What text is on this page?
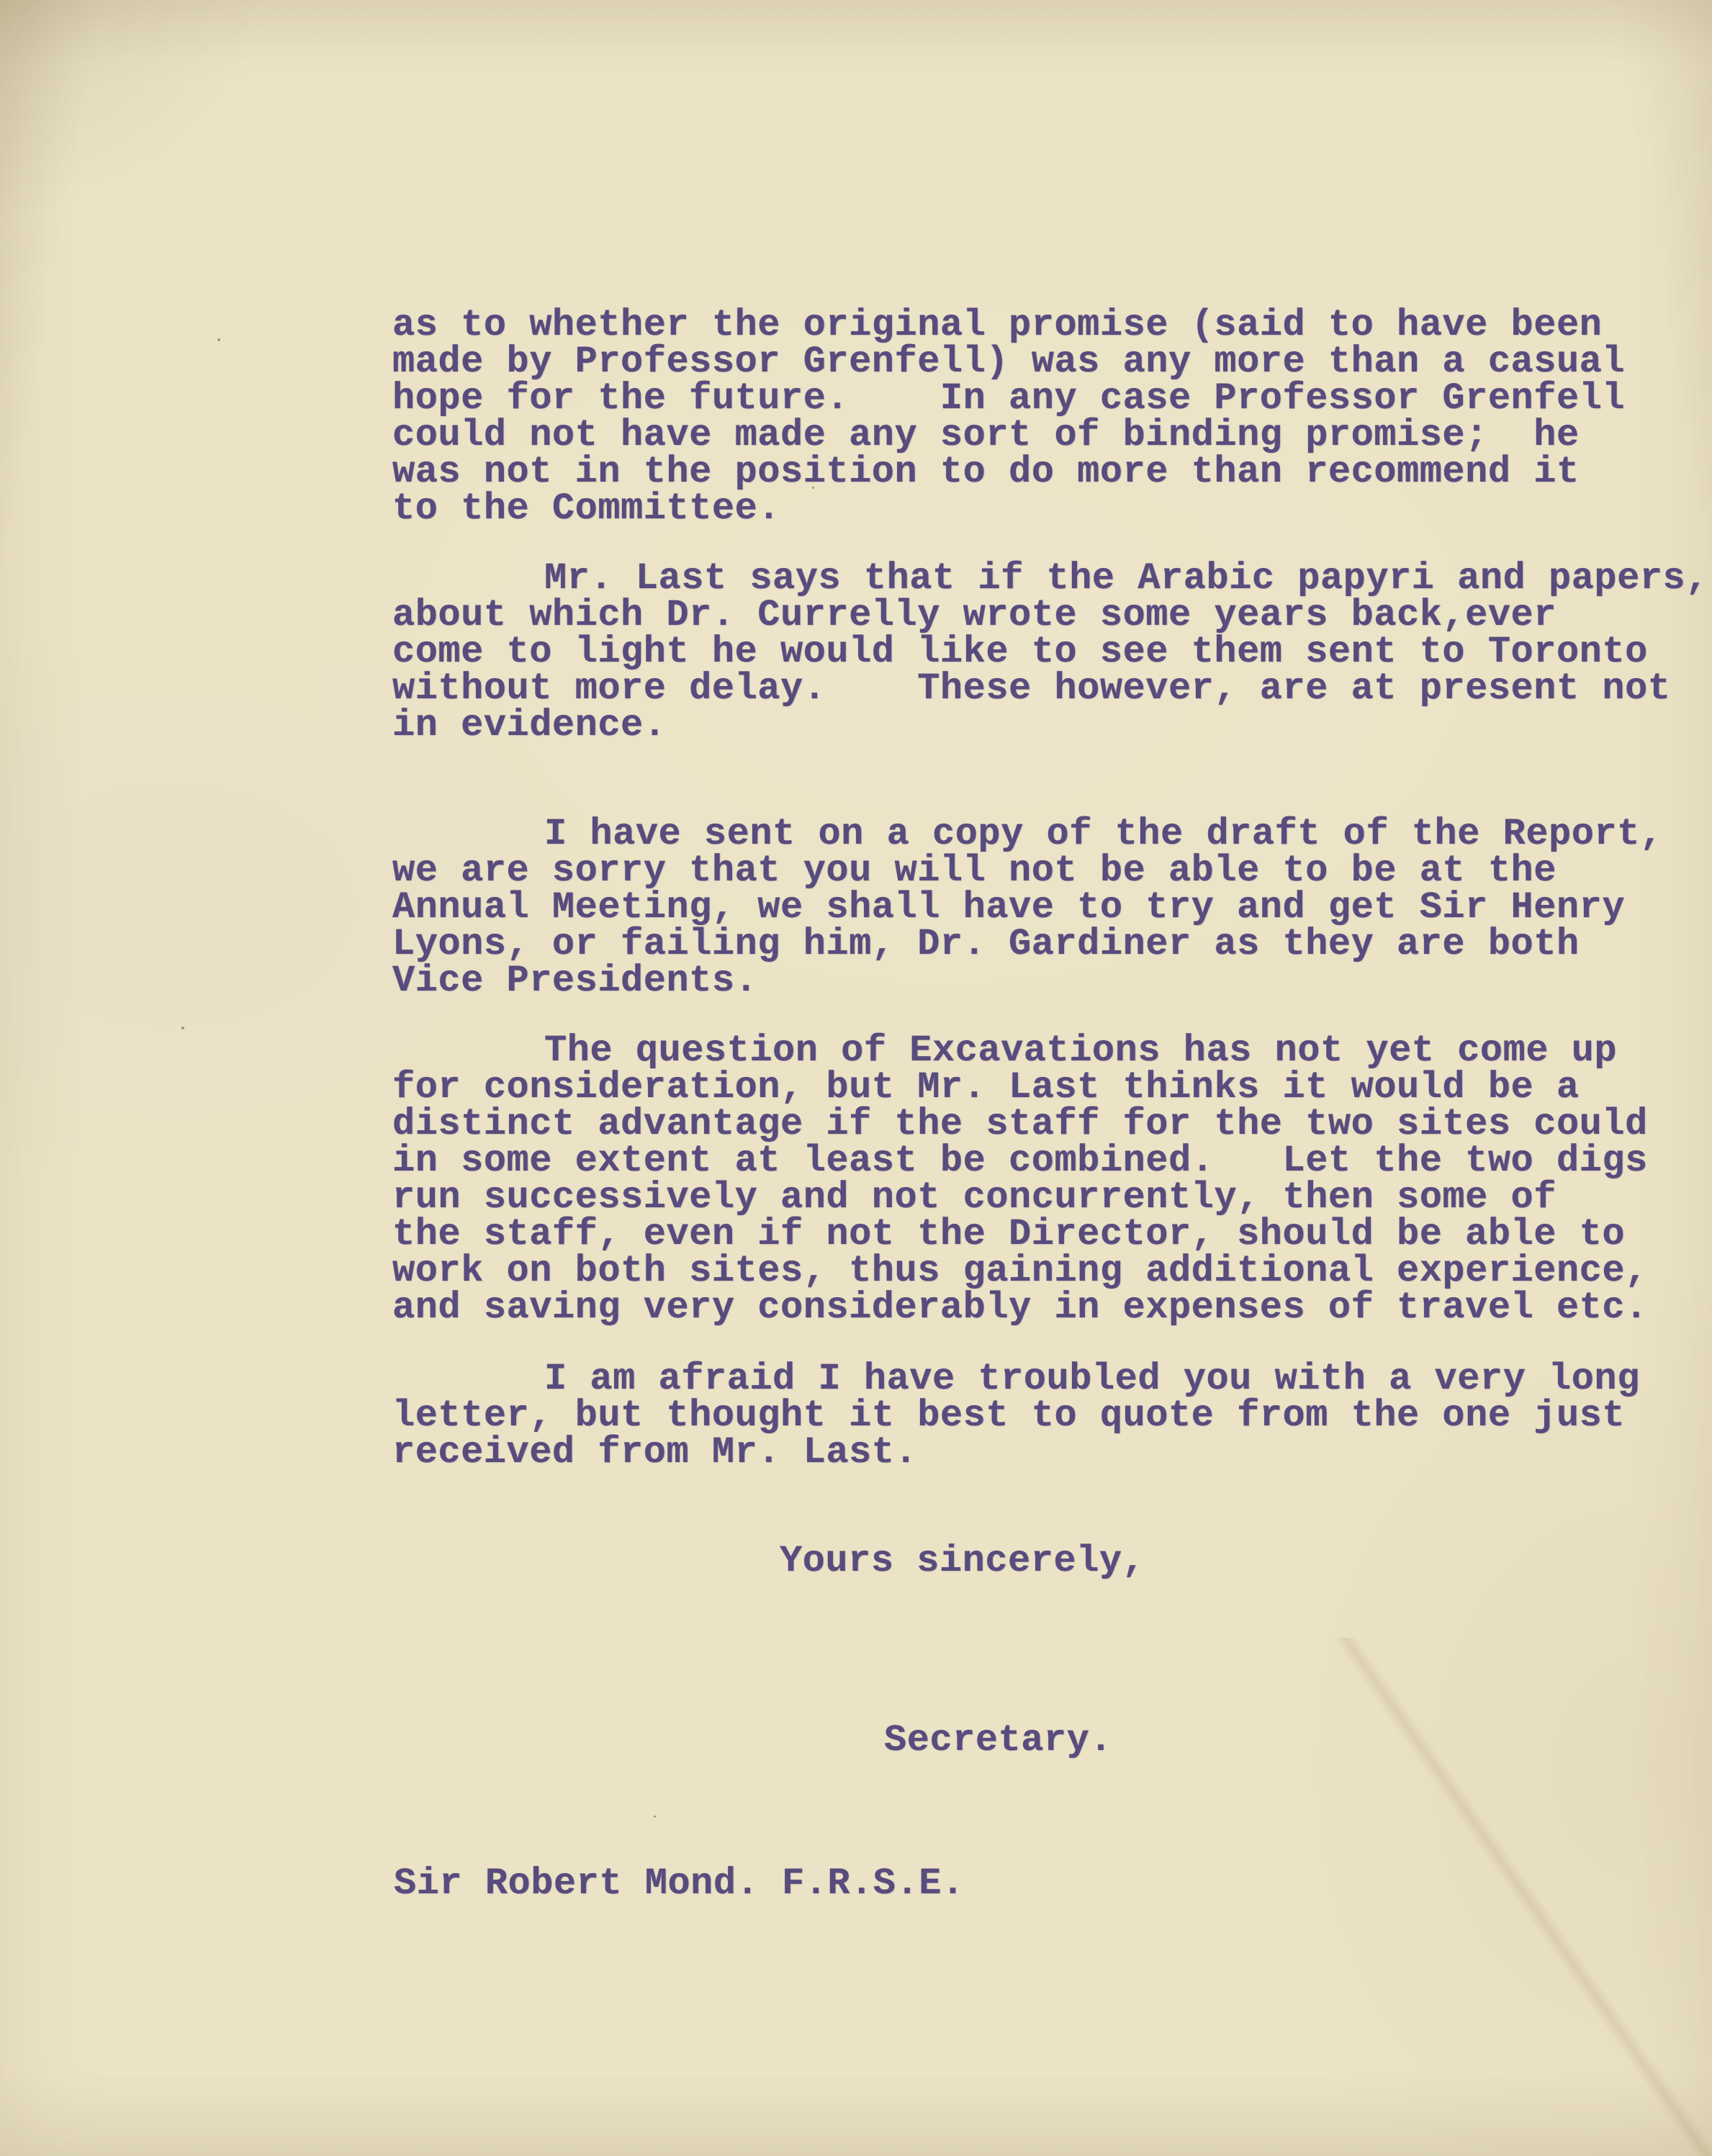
as to whether the original promise (said to have been
made by Professor Grenfell) was any more than a casual
hope for the future.    In any case Professor Grenfell
could not have made any sort of binding promise;  he
was not in the position to do more than recommend it
to the Committee.
Mr. Last says that if the Arabic papyri and papers,
about which Dr. Currelly wrote some years back,ever
come to light he would like to see them sent to Toronto
without more delay.    These however, are at present not
in evidence.
I have sent on a copy of the draft of the Report,
we are sorry that you will not be able to be at the
Annual Meeting, we shall have to try and get Sir Henry
Lyons, or failing him, Dr. Gardiner as they are both
Vice Presidents.
The question of Excavations has not yet come up
for consideration, but Mr. Last thinks it would be a
distinct advantage if the staff for the two sites could
in some extent at least be combined.   Let the two digs
run successively and not concurrently, then some of
the staff, even if not the Director, should be able to
work on both sites, thus gaining additional experience,
and saving very considerably in expenses of travel etc.
I am afraid I have troubled you with a very long
letter, but thought it best to quote from the one just
received from Mr. Last.
Yours sincerely,
Secretary.
Sir Robert Mond. F.R.S.E.
